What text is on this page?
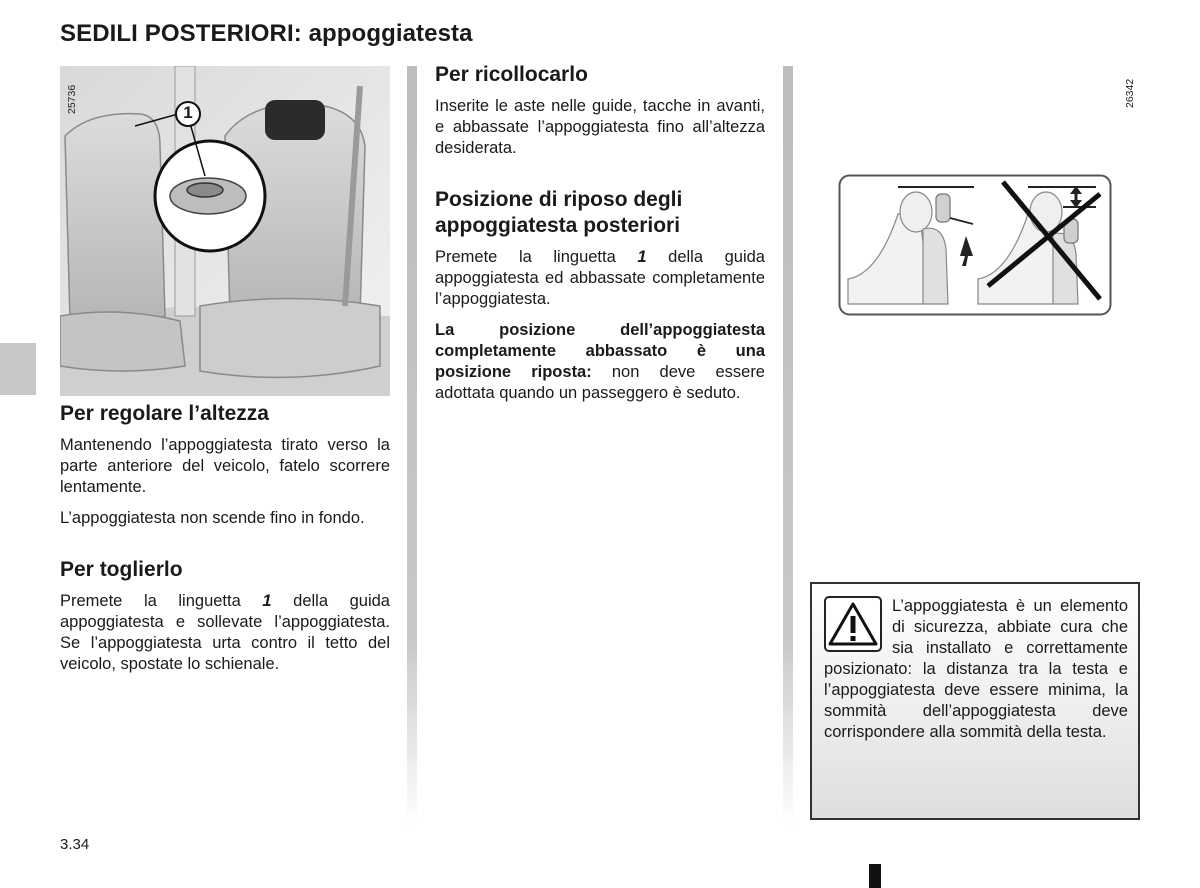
SEDILI POSTERIORI: appoggiatesta
1
25736
Per regolare l’altezza

Mantenendo l’appoggiatesta tirato verso la parte anteriore del veicolo, fatelo scorrere lentamente.

L’appoggiatesta non scende fino in fondo.

Per toglierlo

Premete la linguetta 1 della guida appoggiatesta e sollevate l’appoggiatesta. Se l’appoggiatesta urta contro il tetto del veicolo, spostate lo schienale.

Per ricollocarlo

Inserite le aste nelle guide, tacche in avanti, e abbassate l’appoggiatesta fino all’altezza desiderata.

Posizione di riposo degli appoggiatesta posteriori

Premete la linguetta 1 della guida appoggiatesta ed abbassate completamente l’appoggiatesta.

La posizione dell’appoggiatesta completamente abbassato è una posizione riposta: non deve essere adottata quando un passeggero è seduto.

26342
L’appoggiatesta è un elemento di sicurezza, abbiate cura che sia installato e correttamente posizionato: la distanza tra la testa e l’appoggiatesta deve essere minima, la sommità dell’appoggiatesta deve corrispondere alla sommità della testa.
3.34
